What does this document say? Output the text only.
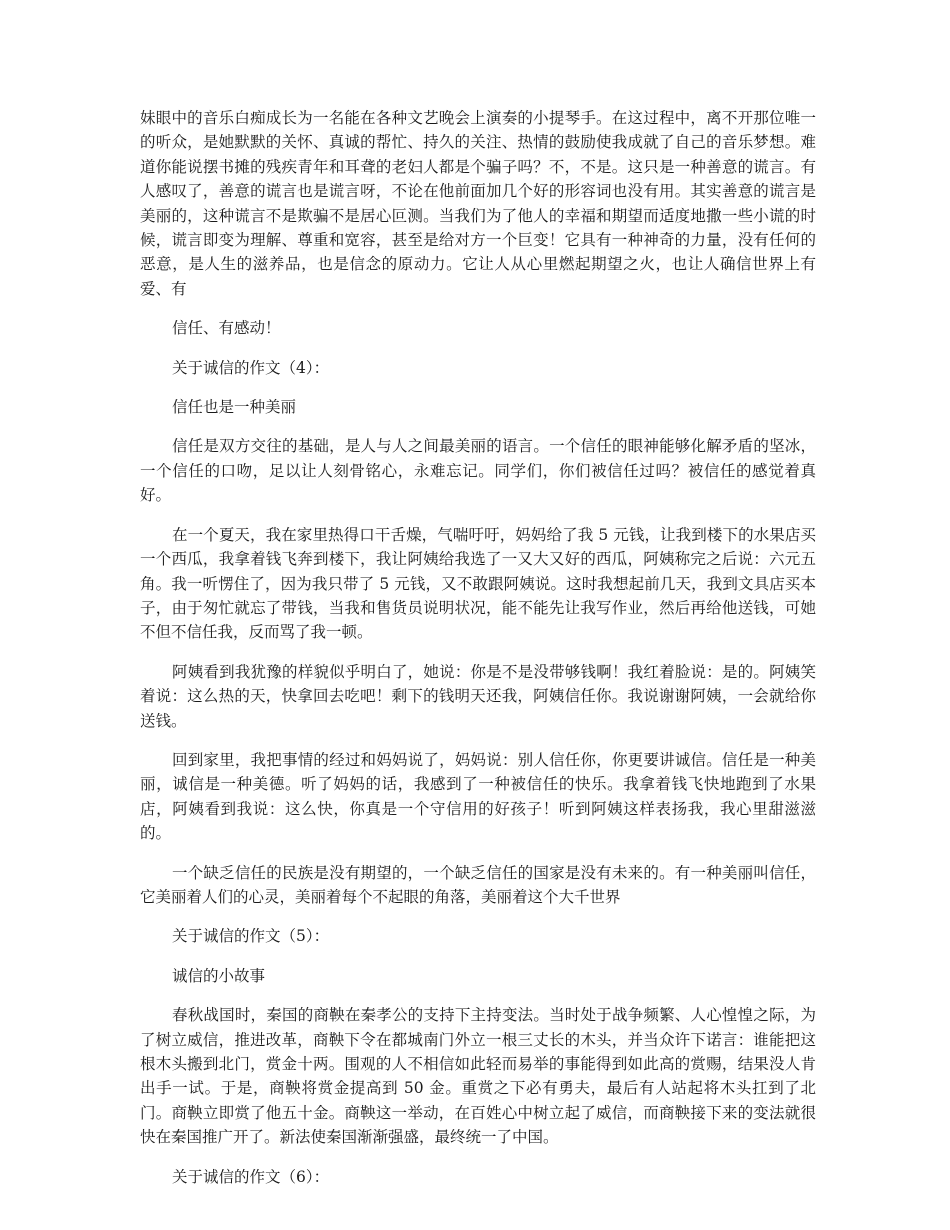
妹眼中的音乐白痴成长为一名能在各种文艺晚会上演奏的小提琴手。在这过程中，离不开那位唯一的听众，是她默默的关怀、真诚的帮忙、持久的关注、热情的鼓励使我成就了自己的音乐梦想。难道你能说摆书摊的残疾青年和耳聋的老妇人都是个骗子吗？不，不是。这只是一种善意的谎言。有人感叹了，善意的谎言也是谎言呀，不论在他前面加几个好的形容词也没有用。其实善意的谎言是美丽的，这种谎言不是欺骗不是居心叵测。当我们为了他人的幸福和期望而适度地撒一些小谎的时候，谎言即变为理解、尊重和宽容，甚至是给对方一个巨变！它具有一种神奇的力量，没有任何的恶意，是人生的滋养品，也是信念的原动力。它让人从心里燃起期望之火，也让人确信世界上有爱、有

信任、有感动！

关于诚信的作文（4）：

信任也是一种美丽

信任是双方交往的基础，是人与人之间最美丽的语言。一个信任的眼神能够化解矛盾的坚冰，一个信任的口吻，足以让人刻骨铭心，永难忘记。同学们，你们被信任过吗？被信任的感觉着真好。

在一个夏天，我在家里热得口干舌燥，气喘吁吁，妈妈给了我 5 元钱，让我到楼下的水果店买一个西瓜，我拿着钱飞奔到楼下，我让阿姨给我选了一又大又好的西瓜，阿姨称完之后说：六元五角。我一听愣住了，因为我只带了 5 元钱，又不敢跟阿姨说。这时我想起前几天，我到文具店买本子，由于匆忙就忘了带钱，当我和售货员说明状况，能不能先让我写作业，然后再给他送钱，可她不但不信任我，反而骂了我一顿。

阿姨看到我犹豫的样貌似乎明白了，她说：你是不是没带够钱啊！我红着脸说：是的。阿姨笑着说：这么热的天，快拿回去吃吧！剩下的钱明天还我，阿姨信任你。我说谢谢阿姨，一会就给你送钱。

回到家里，我把事情的经过和妈妈说了，妈妈说：别人信任你，你更要讲诚信。信任是一种美丽，诚信是一种美德。听了妈妈的话，我感到了一种被信任的快乐。我拿着钱飞快地跑到了水果店，阿姨看到我说：这么快，你真是一个守信用的好孩子！听到阿姨这样表扬我，我心里甜滋滋的。

一个缺乏信任的民族是没有期望的，一个缺乏信任的国家是没有未来的。有一种美丽叫信任，它美丽着人们的心灵，美丽着每个不起眼的角落，美丽着这个大千世界

关于诚信的作文（5）：

诚信的小故事

春秋战国时，秦国的商鞅在秦孝公的支持下主持变法。当时处于战争频繁、人心惶惶之际，为了树立威信，推进改革，商鞅下令在都城南门外立一根三丈长的木头，并当众许下诺言：谁能把这根木头搬到北门，赏金十两。围观的人不相信如此轻而易举的事能得到如此高的赏赐，结果没人肯出手一试。于是，商鞅将赏金提高到 50 金。重赏之下必有勇夫，最后有人站起将木头扛到了北门。商鞅立即赏了他五十金。商鞅这一举动，在百姓心中树立起了威信，而商鞅接下来的变法就很快在秦国推广开了。新法使秦国渐渐强盛，最终统一了中国。

关于诚信的作文（6）：
